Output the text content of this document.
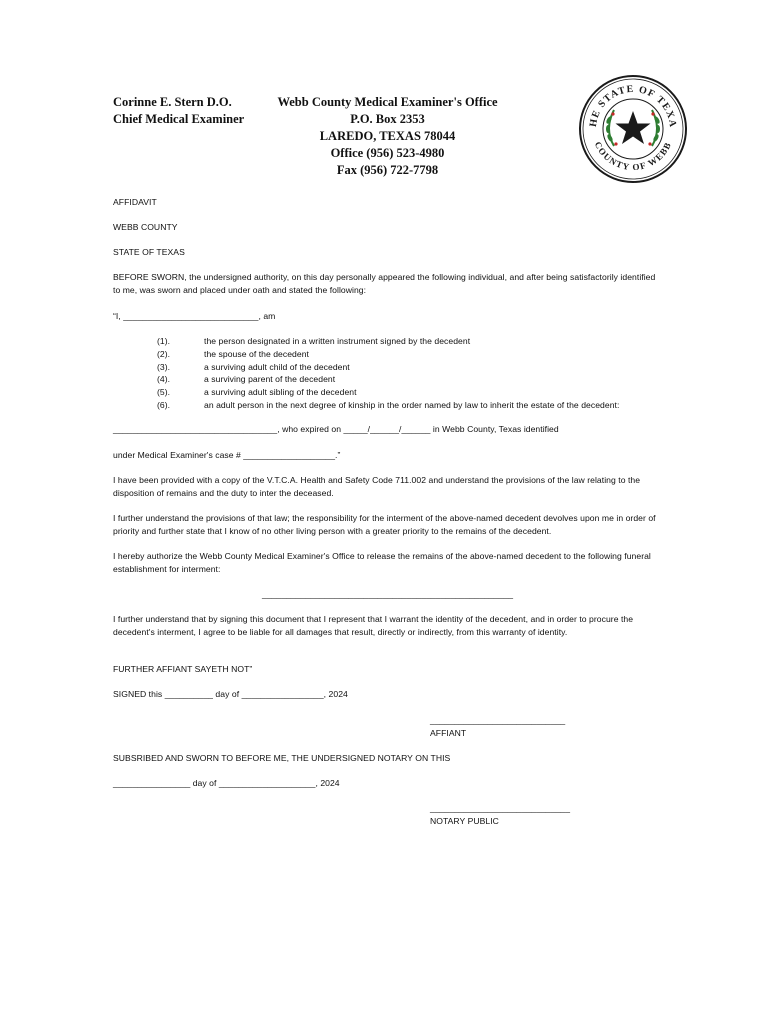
Corinne E. Stern D.O.
Chief Medical Examiner
Webb County Medical Examiner's Office
P.O. Box 2353
LAREDO, TEXAS 78044
Office (956) 523-4980
Fax (956) 722-7798
HE STATE OF TEXA
COUNTY OF WEBB
AFFIDAVIT
WEBB COUNTY
STATE OF TEXAS
BEFORE SWORN, the undersigned authority, on this day personally appeared the following individual, and after being satisfactorily identified to me, was sworn and placed under oath and stated the following:
“I, ____________________________, am
(1).	the person designated in a written instrument signed by the decedent
(2).	the spouse of the decedent
(3).	a surviving adult child of the decedent
(4).	a surviving parent of the decedent
(5).	a surviving adult sibling of the decedent
(6).	an adult person in the next degree of kinship in the order named by law to inherit the estate of the decedent:
__________________________________, who expired on _____/______/______ in Webb County, Texas identified
under Medical Examiner's case # ___________________.”
I have been provided with a copy of the V.T.C.A. Health and Safety Code 711.002 and understand the provisions of the law relating to the disposition of remains and the duty to inter the deceased.
I further understand the provisions of that law; the responsibility for the interment of the above-named decedent devolves upon me in order of priority and further state that I know of no other living person with a greater priority to the remains of the decedent.
I hereby authorize the Webb County Medical Examiner's Office to release the remains of the above-named decedent to the following funeral establishment for interment:
____________________________________________________
I further understand that by signing this document that I represent that I warrant the identity of the decedent, and in order to procure the decedent's interment, I agree to be liable for all damages that result, directly or indirectly, from this warranty of identity.
FURTHER AFFIANT SAYETH NOT”
SIGNED this __________ day of _________________, 2024
____________________________
AFFIANT
SUBSRIBED AND SWORN TO BEFORE ME, THE UNDERSIGNED NOTARY ON THIS
________________ day of ____________________, 2024
_____________________________
NOTARY PUBLIC
